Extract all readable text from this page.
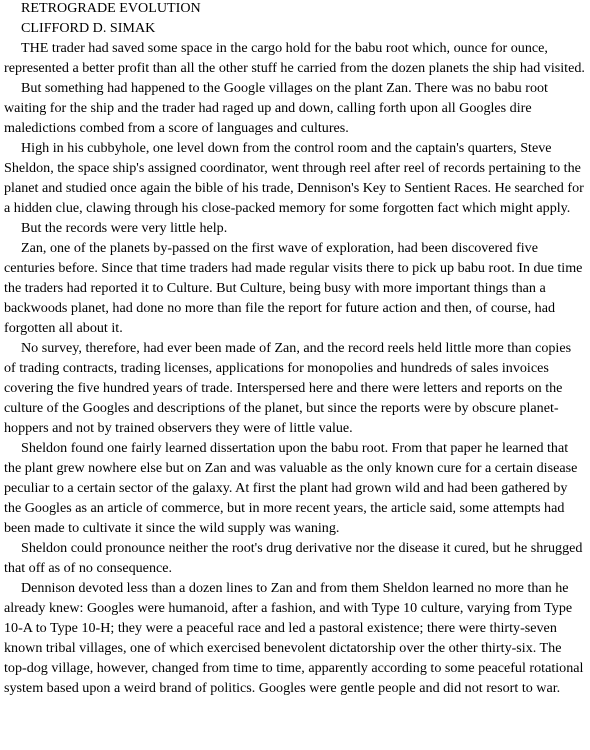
RETROGRADE EVOLUTION

CLIFFORD D. SIMAK

THE trader had saved some space in the cargo hold for the babu root which, ounce for ounce, represented a better profit than all the other stuff he carried from the dozen planets the ship had visited.

But something had happened to the Google villages on the plant Zan. There was no babu root waiting for the ship and the trader had raged up and down, calling forth upon all Googles dire maledictions combed from a score of languages and cultures.

High in his cubbyhole, one level down from the control room and the captain's quarters, Steve Sheldon, the space ship's assigned coordinator, went through reel after reel of records pertaining to the planet and studied once again the bible of his trade, Dennison's Key to Sentient Races. He searched for a hidden clue, clawing through his close-packed memory for some forgotten fact which might apply.

But the records were very little help.

Zan, one of the planets by-passed on the first wave of exploration, had been discovered five centuries before. Since that time traders had made regular visits there to pick up babu root. In due time the traders had reported it to Culture. But Culture, being busy with more important things than a backwoods planet, had done no more than file the report for future action and then, of course, had forgotten all about it.

No survey, therefore, had ever been made of Zan, and the record reels held little more than copies of trading contracts, trading licenses, applications for monopolies and hundreds of sales invoices covering the five hundred years of trade. Interspersed here and there were letters and reports on the culture of the Googles and descriptions of the planet, but since the reports were by obscure planet-hoppers and not by trained observers they were of little value.

Sheldon found one fairly learned dissertation upon the babu root. From that paper he learned that the plant grew nowhere else but on Zan and was valuable as the only known cure for a certain disease peculiar to a certain sector of the galaxy. At first the plant had grown wild and had been gathered by the Googles as an article of commerce, but in more recent years, the article said, some attempts had been made to cultivate it since the wild supply was waning.

Sheldon could pronounce neither the root's drug derivative nor the disease it cured, but he shrugged that off as of no consequence.

Dennison devoted less than a dozen lines to Zan and from them Sheldon learned no more than he already knew: Googles were humanoid, after a fashion, and with Type 10 culture, varying from Type 10-A to Type 10-H; they were a peaceful race and led a pastoral existence; there were thirty-seven known tribal villages, one of which exercised benevolent dictatorship over the other thirty-six. The top-dog village, however, changed from time to time, apparently according to some peaceful rotational system based upon a weird brand of politics. Googles were gentle people and did not resort to war.
